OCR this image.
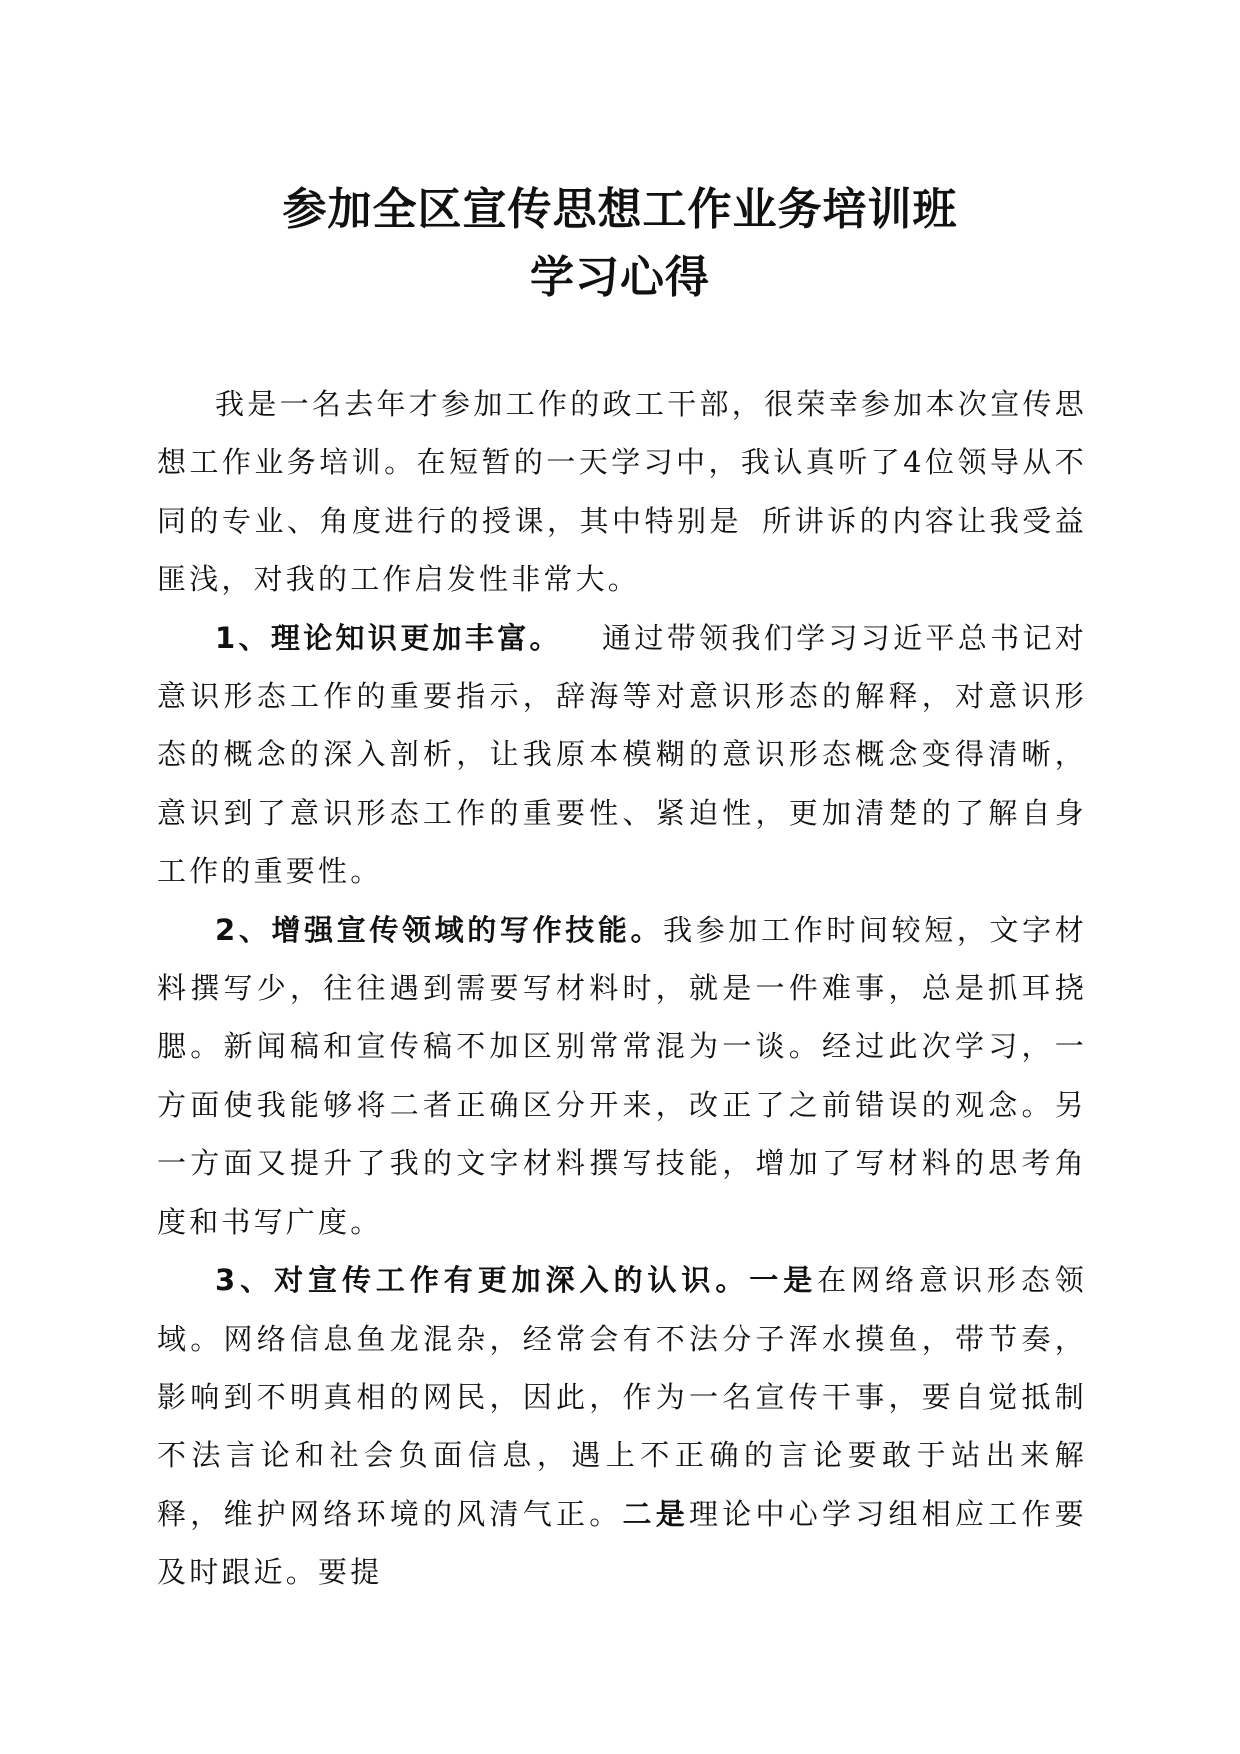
参加全区宣传思想工作业务培训班
学习心得

我是一名去年才参加工作的政工干部，很荣幸参加本次宣传思想工作业务培训。在短暂的一天学习中，我认真听了4位领导从不同的专业、角度进行的授课，其中特别是 所讲诉的内容让我受益匪浅，对我的工作启发性非常大。

1、理论知识更加丰富。 通过带领我们学习习近平总书记对意识形态工作的重要指示，辞海等对意识形态的解释，对意识形态的概念的深入剖析，让我原本模糊的意识形态概念变得清晰，意识到了意识形态工作的重要性、紧迫性，更加清楚的了解自身工作的重要性。

2、增强宣传领域的写作技能。我参加工作时间较短，文字材料撰写少，往往遇到需要写材料时，就是一件难事，总是抓耳挠腮。新闻稿和宣传稿不加区别常常混为一谈。经过此次学习，一方面使我能够将二者正确区分开来，改正了之前错误的观念。另一方面又提升了我的文字材料撰写技能，增加了写材料的思考角度和书写广度。

3、对宣传工作有更加深入的认识。一是在网络意识形态领域。网络信息鱼龙混杂，经常会有不法分子浑水摸鱼，带节奏，影响到不明真相的网民，因此，作为一名宣传干事，要自觉抵制不法言论和社会负面信息，遇上不正确的言论要敢于站出来解释，维护网络环境的风清气正。二是理论中心学习组相应工作要及时跟近。要提
